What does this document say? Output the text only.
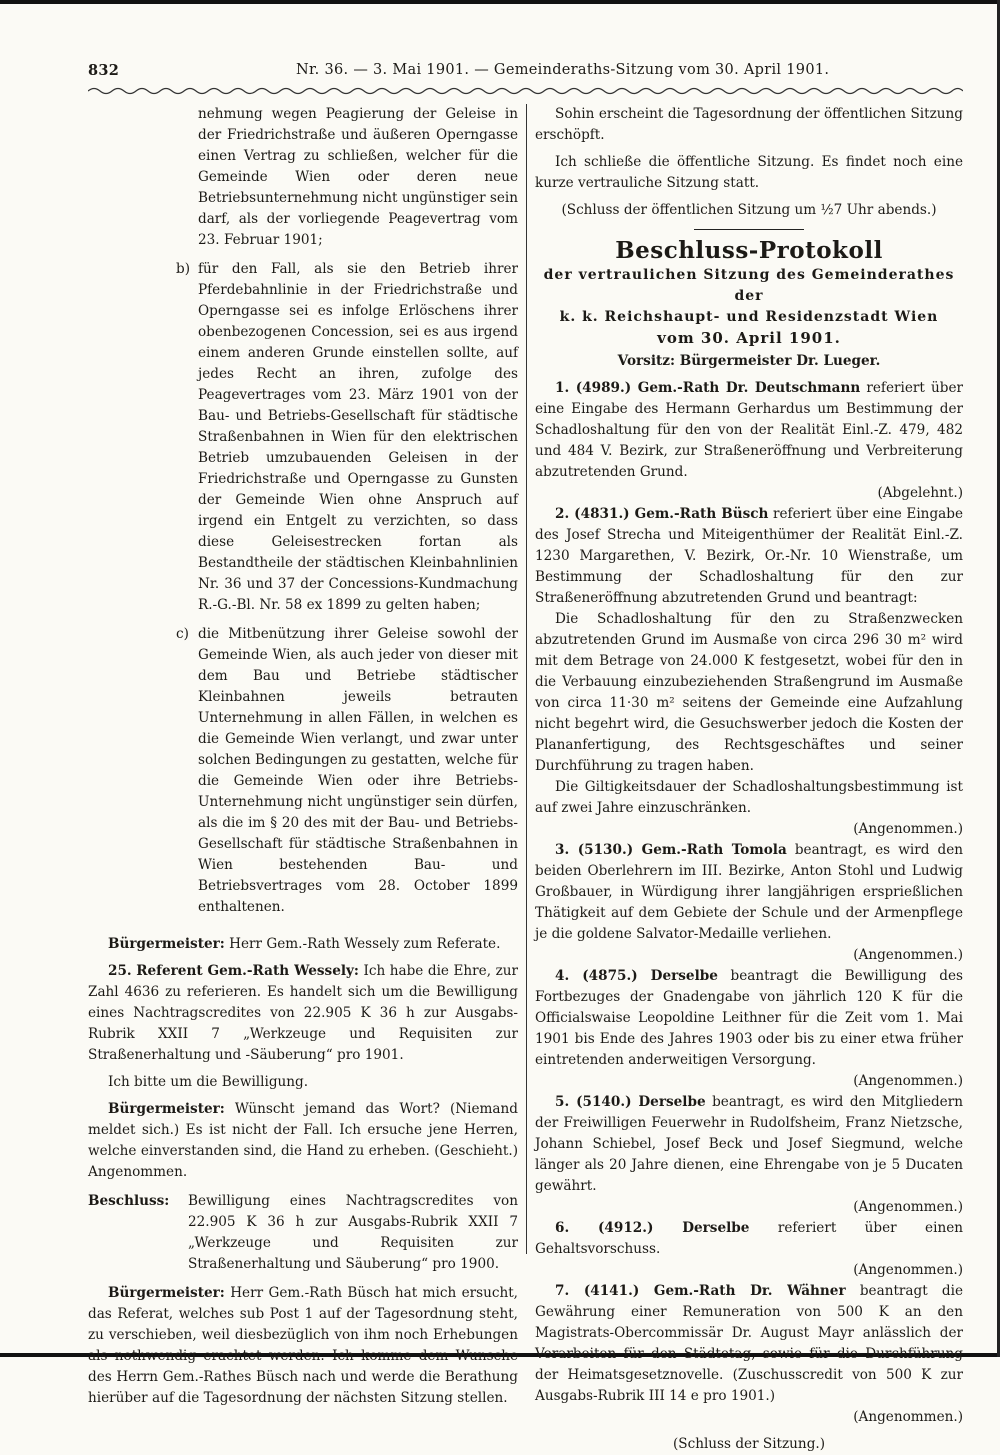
832	Nr. 36. — 3. Mai 1901. — Gemeinderaths-Sitzung vom 30. April 1901.

nehmung wegen Peagierung der Geleise in der Friedrichstraße und äußeren Operngasse einen Vertrag zu schließen, welcher für die Gemeinde Wien oder deren neue Betriebsunternehmung nicht ungünstiger sein darf, als der vorliegende Peagevertrag vom 23. Februar 1901;

b) für den Fall, als sie den Betrieb ihrer Pferdebahnlinie in der Friedrichstraße und Operngasse sei es infolge Erlöschens ihrer obenbezogenen Concession, sei es aus irgend einem anderen Grunde einstellen sollte, auf jedes Recht an ihren, zufolge des Peagevertrages vom 23. März 1901 von der Bau- und Betriebs-Gesellschaft für städtische Straßenbahnen in Wien für den elektrischen Betrieb umzubauenden Geleisen in der Friedrichstraße und Operngasse zu Gunsten der Gemeinde Wien ohne Anspruch auf irgend ein Entgelt zu verzichten, so dass diese Geleisestrecken fortan als Bestandtheile der städtischen Kleinbahnlinien Nr. 36 und 37 der Concessions-Kundmachung R.-G.-Bl. Nr. 58 ex 1899 zu gelten haben;

c) die Mitbenützung ihrer Geleise sowohl der Gemeinde Wien, als auch jeder von dieser mit dem Bau und Betriebe städtischer Kleinbahnen jeweils betrauten Unternehmung in allen Fällen, in welchen es die Gemeinde Wien verlangt, und zwar unter solchen Bedingungen zu gestatten, welche für die Gemeinde Wien oder ihre Betriebs-Unternehmung nicht ungünstiger sein dürfen, als die im § 20 des mit der Bau- und Betriebs-Gesellschaft für städtische Straßenbahnen in Wien bestehenden Bau- und Betriebsvertrages vom 28. October 1899 enthaltenen.

Bürgermeister: Herr Gem.-Rath Wessely zum Referate.

25. Referent Gem.-Rath Wessely: Ich habe die Ehre, zur Zahl 4636 zu referieren. Es handelt sich um die Bewilligung eines Nachtragscredites von 22.905 K 36 h zur Ausgabs-Rubrik XXII 7 „Werkzeuge und Requisiten zur Straßenerhaltung und -Säuberung“ pro 1901.

Ich bitte um die Bewilligung.

Bürgermeister: Wünscht jemand das Wort? (Niemand meldet sich.) Es ist nicht der Fall. Ich ersuche jene Herren, welche einverstanden sind, die Hand zu erheben. (Geschieht.) Angenommen.

Beschluss:	Bewilligung eines Nachtragscredites von 22.905 K 36 h zur Ausgabs-Rubrik XXII 7 „Werkzeuge und Requisiten zur Straßenerhaltung und Säuberung“ pro 1900.

Bürgermeister: Herr Gem.-Rath Büsch hat mich ersucht, das Referat, welches sub Post 1 auf der Tagesordnung steht, zu verschieben, weil diesbezüglich von ihm noch Erhebungen als nothwendig erachtet werden. Ich komme dem Wunsche des Herrn Gem.-Rathes Büsch nach und werde die Berathung hierüber auf die Tagesordnung der nächsten Sitzung stellen.

Sohin erscheint die Tagesordnung der öffentlichen Sitzung erschöpft.

Ich schließe die öffentliche Sitzung. Es findet noch eine kurze vertrauliche Sitzung statt.

(Schluss der öffentlichen Sitzung um ½7 Uhr abends.)

Beschluss-Protokoll

der vertraulichen Sitzung des Gemeinderathes der

k. k. Reichshaupt- und Residenzstadt Wien

vom 30. April 1901.

Vorsitz: Bürgermeister Dr. Lueger.

1. (4989.) Gem.-Rath Dr. Deutschmann referiert über eine Eingabe des Hermann Gerhardus um Bestimmung der Schadloshaltung für den von der Realität Einl.-Z. 479, 482 und 484 V. Bezirk, zur Straßeneröffnung und Verbreiterung abzutretenden Grund.

(Abgelehnt.)

2. (4831.) Gem.-Rath Büsch referiert über eine Eingabe des Josef Strecha und Miteigenthümer der Realität Einl.-Z. 1230 Margarethen, V. Bezirk, Or.-Nr. 10 Wienstraße, um Bestimmung der Schadloshaltung für den zur Straßeneröffnung abzutretenden Grund und beantragt:

Die Schadloshaltung für den zu Straßenzwecken abzutretenden Grund im Ausmaße von circa 296 30 m² wird mit dem Betrage von 24.000 K festgesetzt, wobei für den in die Verbauung einzubeziehenden Straßengrund im Ausmaße von circa 11·30 m² seitens der Gemeinde eine Aufzahlung nicht begehrt wird, die Gesuchswerber jedoch die Kosten der Plananfertigung, des Rechtsgeschäftes und seiner Durchführung zu tragen haben.

Die Giltigkeitsdauer der Schadloshaltungsbestimmung ist auf zwei Jahre einzuschränken.

(Angenommen.)

3. (5130.) Gem.-Rath Tomola beantragt, es wird den beiden Oberlehrern im III. Bezirke, Anton Stohl und Ludwig Großbauer, in Würdigung ihrer langjährigen ersprießlichen Thätigkeit auf dem Gebiete der Schule und der Armenpflege je die goldene Salvator-Medaille verliehen.

(Angenommen.)

4. (4875.) Derselbe beantragt die Bewilligung des Fortbezuges der Gnadengabe von jährlich 120 K für die Officialswaise Leopoldine Leithner für die Zeit vom 1. Mai 1901 bis Ende des Jahres 1903 oder bis zu einer etwa früher eintretenden anderweitigen Versorgung.

(Angenommen.)

5. (5140.) Derselbe beantragt, es wird den Mitgliedern der Freiwilligen Feuerwehr in Rudolfsheim, Franz Nietzsche, Johann Schiebel, Josef Beck und Josef Siegmund, welche länger als 20 Jahre dienen, eine Ehrengabe von je 5 Ducaten gewährt.

(Angenommen.)

6. (4912.) Derselbe referiert über einen Gehaltsvorschuss.

(Angenommen.)

7. (4141.) Gem.-Rath Dr. Wähner beantragt die Gewährung einer Remuneration von 500 K an den Magistrats-Obercommissär Dr. August Mayr anlässlich der Vorarbeiten für den Städtetag, sowie für die Durchführung der Heimatsgesetznovelle. (Zuschusscredit von 500 K zur Ausgabs-Rubrik III 14 e pro 1901.)

(Angenommen.)

(Schluss der Sitzung.)
